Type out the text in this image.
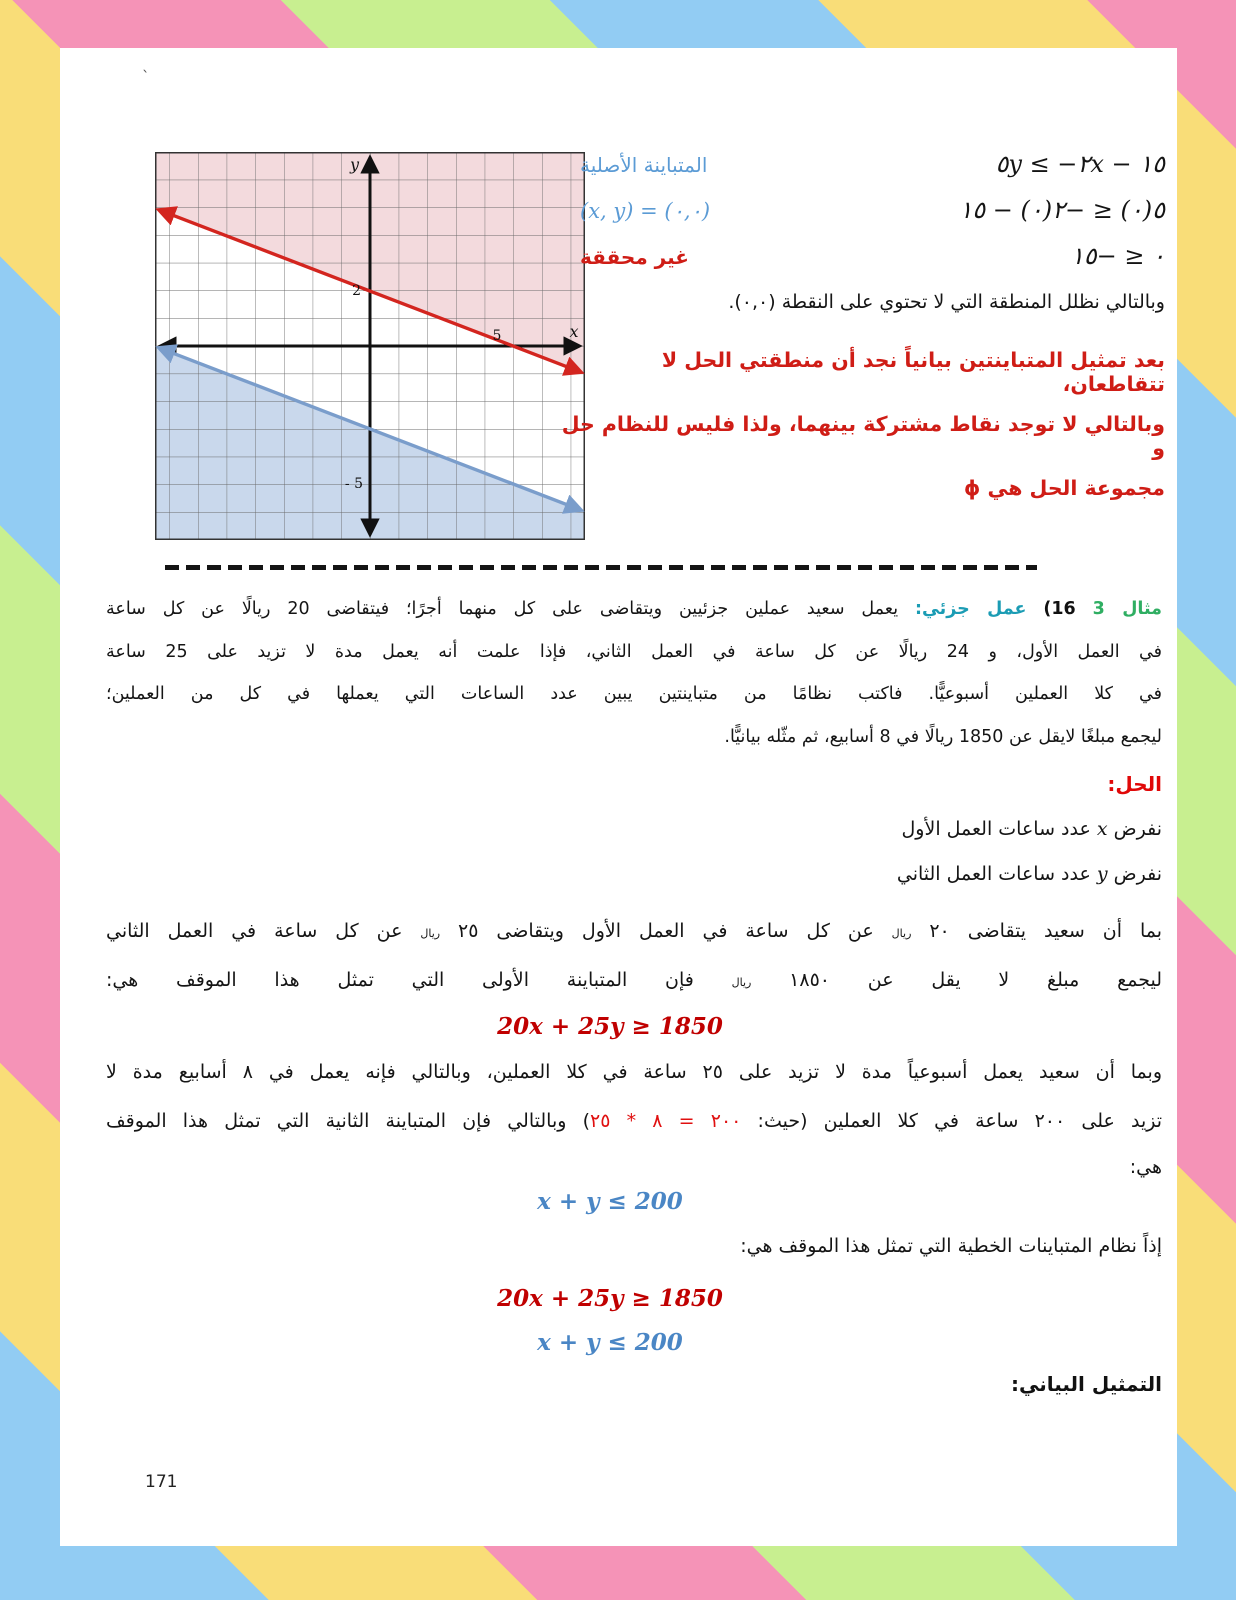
`
y
x
2
5
- 5
٥y ≤ −٢x − ١٥
المتباينة الأصلية
٥(٠) ≤ −٢(٠) − ١٥
(x, y) = (٠,٠)
٠ ≤ −١٥
غير محققة
وبالتالي نظلل المنطقة التي لا تحتوي على النقطة (٠,٠).
بعد تمثيل المتباينتين بيانياً نجد أن منطقتي الحل لا تتقاطعان،
وبالتالي لا توجد نقاط مشتركة بينهما، ولذا فليس للنظام حل و
مجموعة الحل هي ϕ
مثال 3 (16 عمل جزئي: يعمل سعيد عملين جزئيين ويتقاضى على كل منهما أجرًا؛ فيتقاضى 20 ريالًا عن كل ساعة
في العمل الأول، و 24 ريالًا عن كل ساعة في العمل الثاني، فإذا علمت أنه يعمل مدة لا تزيد على 25 ساعة
في كلا العملين أسبوعيًّا. فاكتب نظامًا من متباينتين يبين عدد الساعات التي يعملها في كل من العملين؛
ليجمع مبلغًا لايقل عن 1850 ريالًا في 8 أسابيع، ثم مثّله بيانيًّا.
الحل:
نفرض x عدد ساعات العمل الأول
نفرض y عدد ساعات العمل الثاني
بما أن سعيد يتقاضى ٢٠ ريال عن كل ساعة في العمل الأول ويتقاضى ٢٥ ريال عن كل ساعة في العمل الثاني
ليجمع مبلغ لا يقل عن ١٨٥٠ ريال فإن المتباينة الأولى التي تمثل هذا الموقف هي:
20x + 25y ≥ 1850
وبما أن سعيد يعمل أسبوعياً مدة لا تزيد على ٢٥ ساعة في كلا العملين، وبالتالي فإنه يعمل في ٨ أسابيع مدة لا
تزيد على ٢٠٠ ساعة في كلا العملين (حيث: ٢٠٠ = ٨ * ٢٥) وبالتالي فإن المتباينة الثانية التي تمثل هذا الموقف
هي:
x + y ≤ 200
إذاً نظام المتباينات الخطية التي تمثل هذا الموقف هي:
20x + 25y ≥ 1850
x + y ≤ 200
التمثيل البياني:
171
